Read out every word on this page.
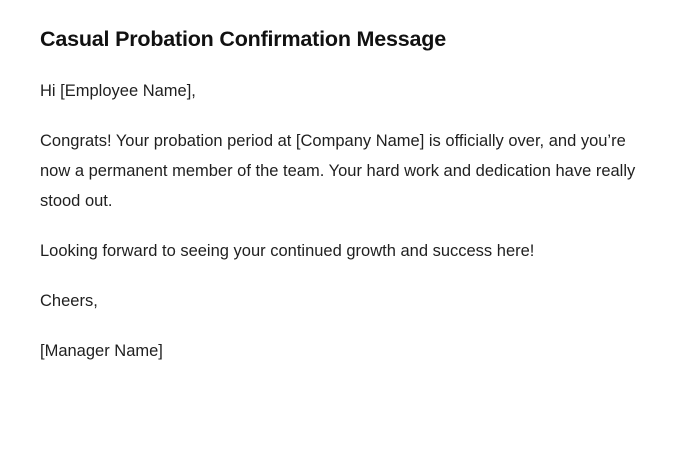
Casual Probation Confirmation Message

Hi [Employee Name],

Congrats! Your probation period at [Company Name] is officially over, and you’re now a permanent member of the team. Your hard work and dedication have really stood out.

Looking forward to seeing your continued growth and success here!

Cheers,

[Manager Name]
